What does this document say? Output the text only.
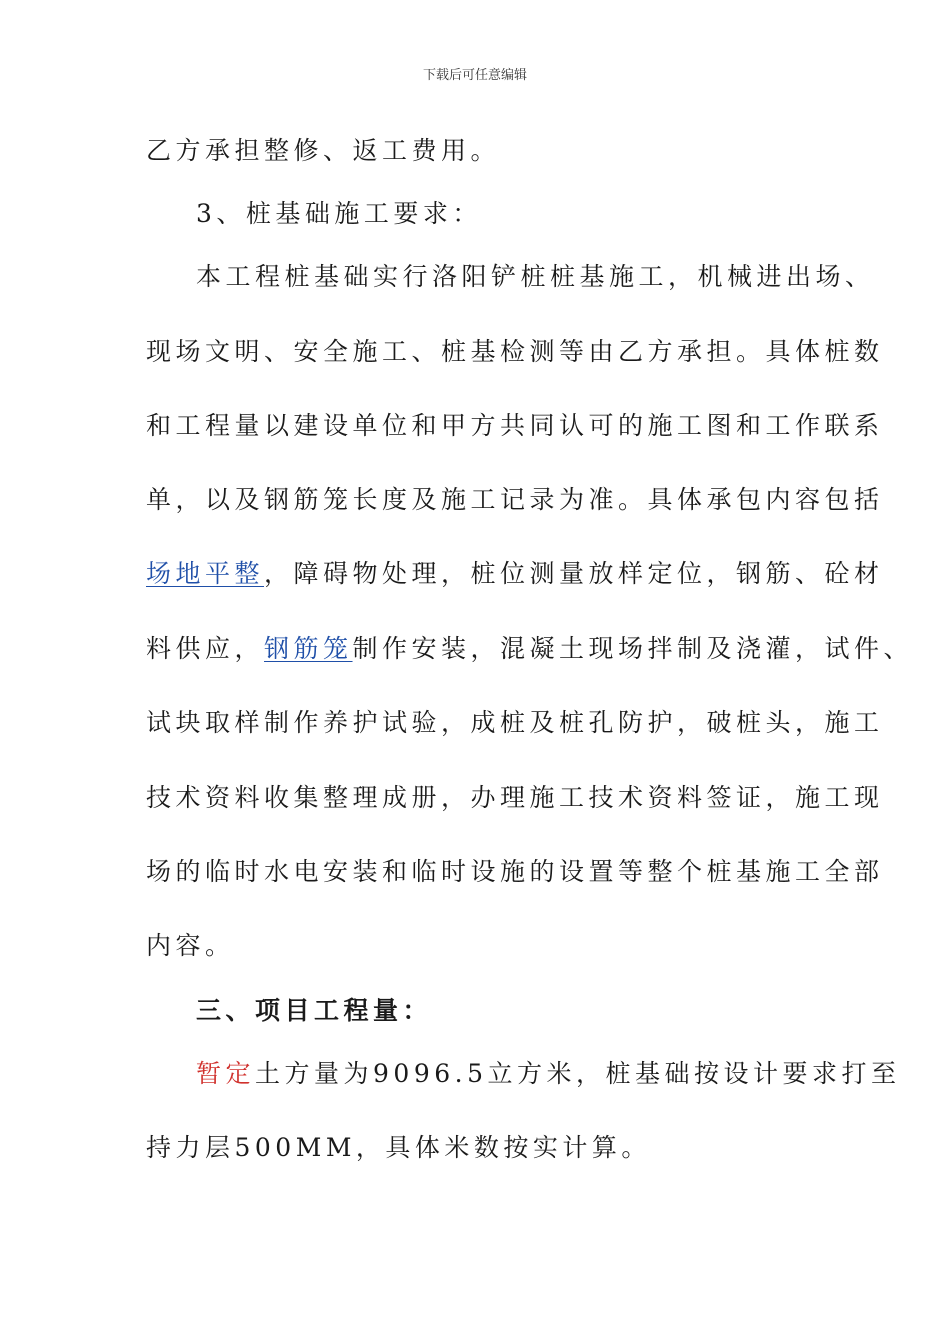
下载后可任意编辑
乙方承担整修、返工费用。
3、桩基础施工要求：
本工程桩基础实行洛阳铲桩桩基施工，机械进出场、
现场文明、安全施工、桩基检测等由乙方承担。具体桩数
和工程量以建设单位和甲方共同认可的施工图和工作联系
单，以及钢筋笼长度及施工记录为准。具体承包内容包括
场地平整，障碍物处理，桩位测量放样定位，钢筋、砼材
料供应，钢筋笼制作安装，混凝土现场拌制及浇灌，试件、
试块取样制作养护试验，成桩及桩孔防护，破桩头，施工
技术资料收集整理成册，办理施工技术资料签证，施工现
场的临时水电安装和临时设施的设置等整个桩基施工全部
内容。
三、项目工程量：
暂定土方量为9096.5立方米，桩基础按设计要求打至
持力层500MM，具体米数按实计算。
